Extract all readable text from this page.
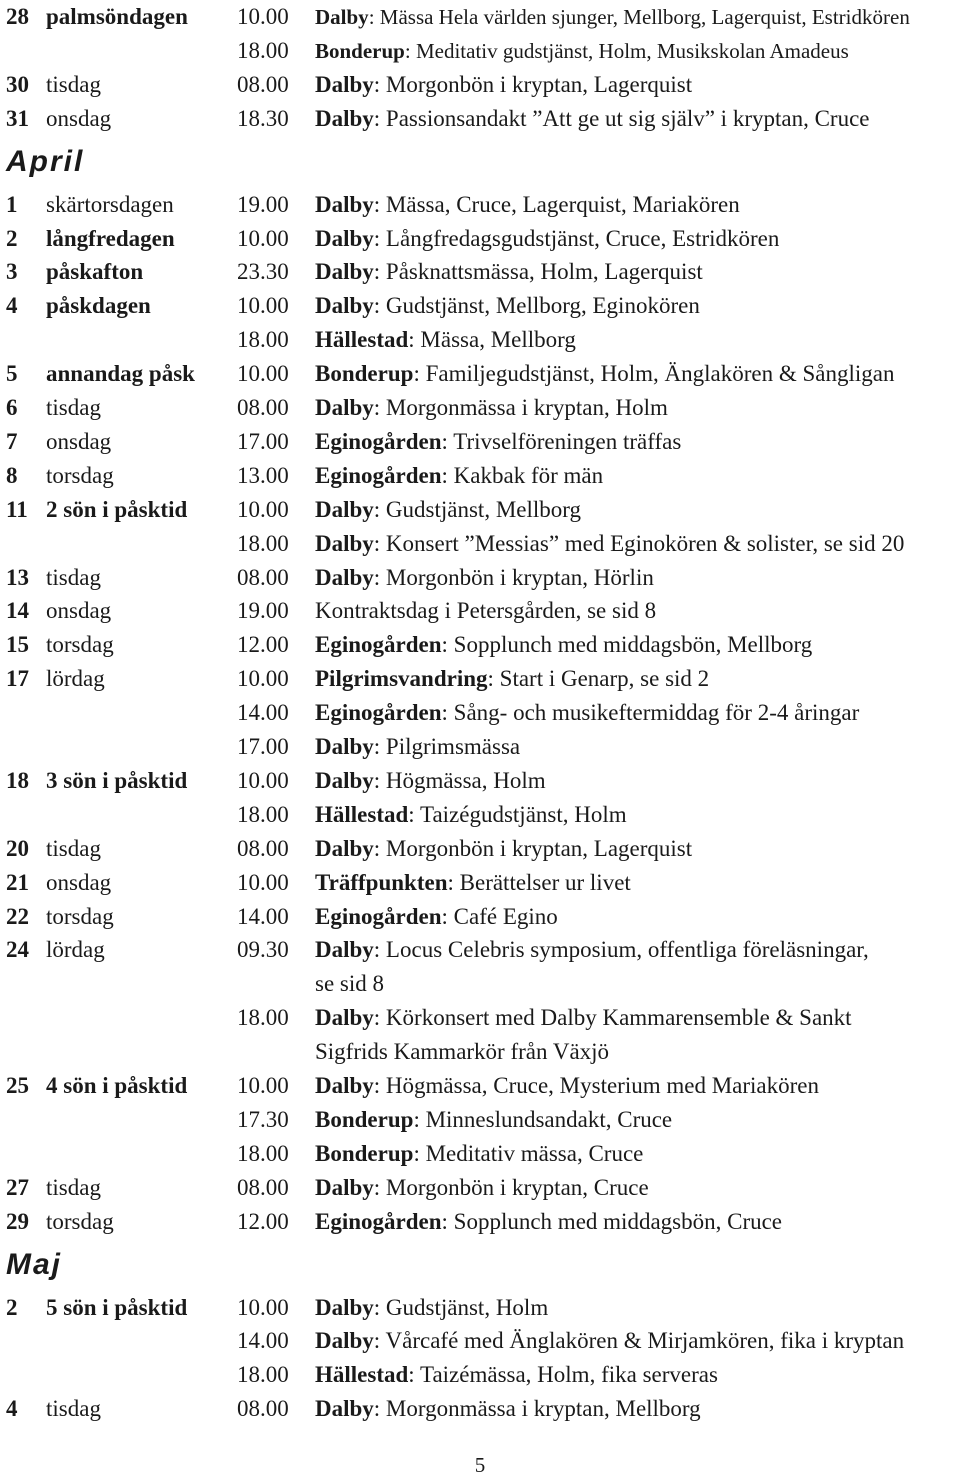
28 palmsöndagen 10.00	Dalby: Mässa Hela världen sjunger, Mellborg, Lagerquist, Estridkören
18.00	Bonderup: Meditativ gudstjänst, Holm, Musikskolan Amadeus
30 tisdag	08.00	Dalby: Morgonbön i kryptan, Lagerquist
31 onsdag	18.30	Dalby: Passionsandakt ”Att ge ut sig själv” i kryptan, Cruce
April
1	skärtorsdagen	19.00	Dalby: Mässa, Cruce, Lagerquist, Mariakören
2	långfredagen	10.00	Dalby: Långfredagsgudstjänst, Cruce, Estridkören
3	påskafton	23.30	Dalby: Påsknattsmässa, Holm, Lagerquist
4	påskdagen	10.00	Dalby: Gudstjänst, Mellborg, Eginokören
18.00	Hällestad: Mässa, Mellborg
5	annandag påsk 10.00	Bonderup: Familjegudstjänst, Holm, Änglakören & Sångligan
6	tisdag	08.00	Dalby: Morgonmässa i kryptan, Holm
7	onsdag	17.00	Eginogården: Trivselföreningen träffas
8	torsdag	13.00	Eginogården: Kakbak för män
11 2 sön i påsktid 10.00	Dalby: Gudstjänst, Mellborg
18.00	Dalby: Konsert ”Messias” med Eginokören & solister, se sid 20
13 tisdag	08.00	Dalby: Morgonbön i kryptan, Hörlin
14 onsdag	19.00	Kontraktsdag i Petersgården, se sid 8
15 torsdag	12.00	Eginogården: Sopplunch med middagsbön, Mellborg
17 lördag	10.00	Pilgrimsvandring: Start i Genarp, se sid 2
14.00	Eginogården: Sång- och musikeftermiddag för 2-4 åringar
17.00	Dalby: Pilgrimsmässa
18 3 sön i påsktid 10.00	Dalby: Högmässa, Holm
18.00	Hällestad: Taizégudstjänst, Holm
20 tisdag	08.00	Dalby: Morgonbön i kryptan, Lagerquist
21 onsdag	10.00	Träffpunkten: Berättelser ur livet
22 torsdag	14.00	Eginogården: Café Egino
24 lördag	09.30	Dalby: Locus Celebris symposium, offentliga föreläsningar,
se sid 8
18.00	Dalby: Körkonsert med Dalby Kammarensemble & Sankt
Sigfrids Kammarkör från Växjö
25 4 sön i påsktid 10.00	Dalby: Högmässa, Cruce, Mysterium med Mariakören
17.30	Bonderup: Minneslundsandakt, Cruce
18.00	Bonderup: Meditativ mässa, Cruce
27 tisdag	08.00	Dalby: Morgonbön i kryptan, Cruce
29 torsdag	12.00	Eginogården: Sopplunch med middagsbön, Cruce
Maj
2	5 sön i påsktid 10.00	Dalby: Gudstjänst, Holm
14.00	Dalby: Vårcafé med Änglakören & Mirjamkören, fika i kryptan
18.00	Hällestad: Taizémässa, Holm, fika serveras
4	tisdag	08.00	Dalby: Morgonmässa i kryptan, Mellborg
5
